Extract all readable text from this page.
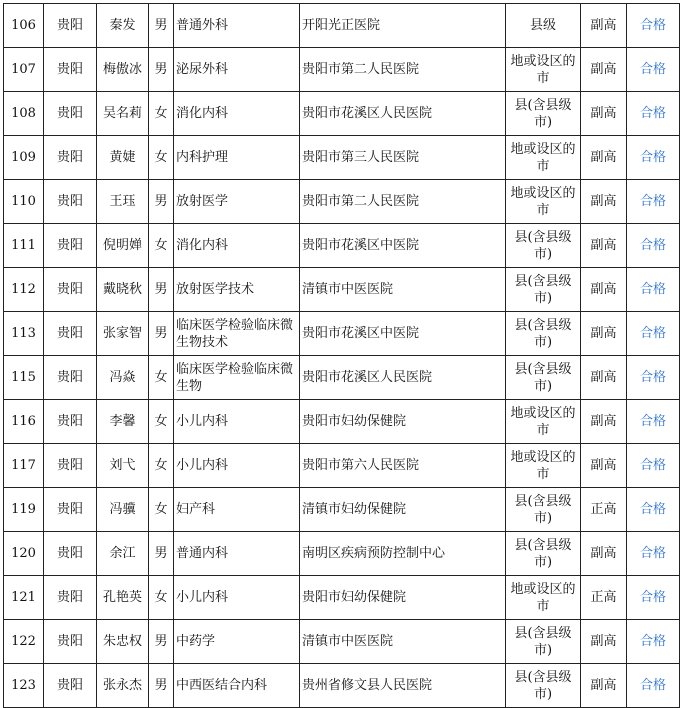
106	贵阳	秦发	男	普通外科	开阳光正医院	县级	副高	合格
107	贵阳	梅傲冰	男	泌尿外科	贵阳市第二人民医院	地或设区的市	副高	合格
108	贵阳	吴名莉	女	消化内科	贵阳市花溪区人民医院	县(含县级市)	副高	合格
109	贵阳	黄婕	女	内科护理	贵阳市第三人民医院	地或设区的市	副高	合格
110	贵阳	王珏	男	放射医学	贵阳市第二人民医院	地或设区的市	副高	合格
111	贵阳	倪明婵	女	消化内科	贵阳市花溪区中医院	县(含县级市)	副高	合格
112	贵阳	戴晓秋	男	放射医学技术	清镇市中医医院	县(含县级市)	副高	合格
113	贵阳	张家智	男	临床医学检验临床微生物技术	贵阳市花溪区中医院	县(含县级市)	副高	合格
115	贵阳	冯焱	女	临床医学检验临床微生物	贵阳市花溪区人民医院	县(含县级市)	副高	合格
116	贵阳	李馨	女	小儿内科	贵阳市妇幼保健院	地或设区的市	副高	合格
117	贵阳	刘弋	女	小儿内科	贵阳市第六人民医院	地或设区的市	副高	合格
119	贵阳	冯骥	女	妇产科	清镇市妇幼保健院	县(含县级市)	正高	合格
120	贵阳	余江	男	普通内科	南明区疾病预防控制中心	县(含县级市)	副高	合格
121	贵阳	孔艳英	女	小儿内科	贵阳市妇幼保健院	地或设区的市	正高	合格
122	贵阳	朱忠权	男	中药学	清镇市中医医院	县(含县级市)	副高	合格
123	贵阳	张永杰	男	中西医结合内科	贵州省修文县人民医院	县(含县级市)	副高	合格
